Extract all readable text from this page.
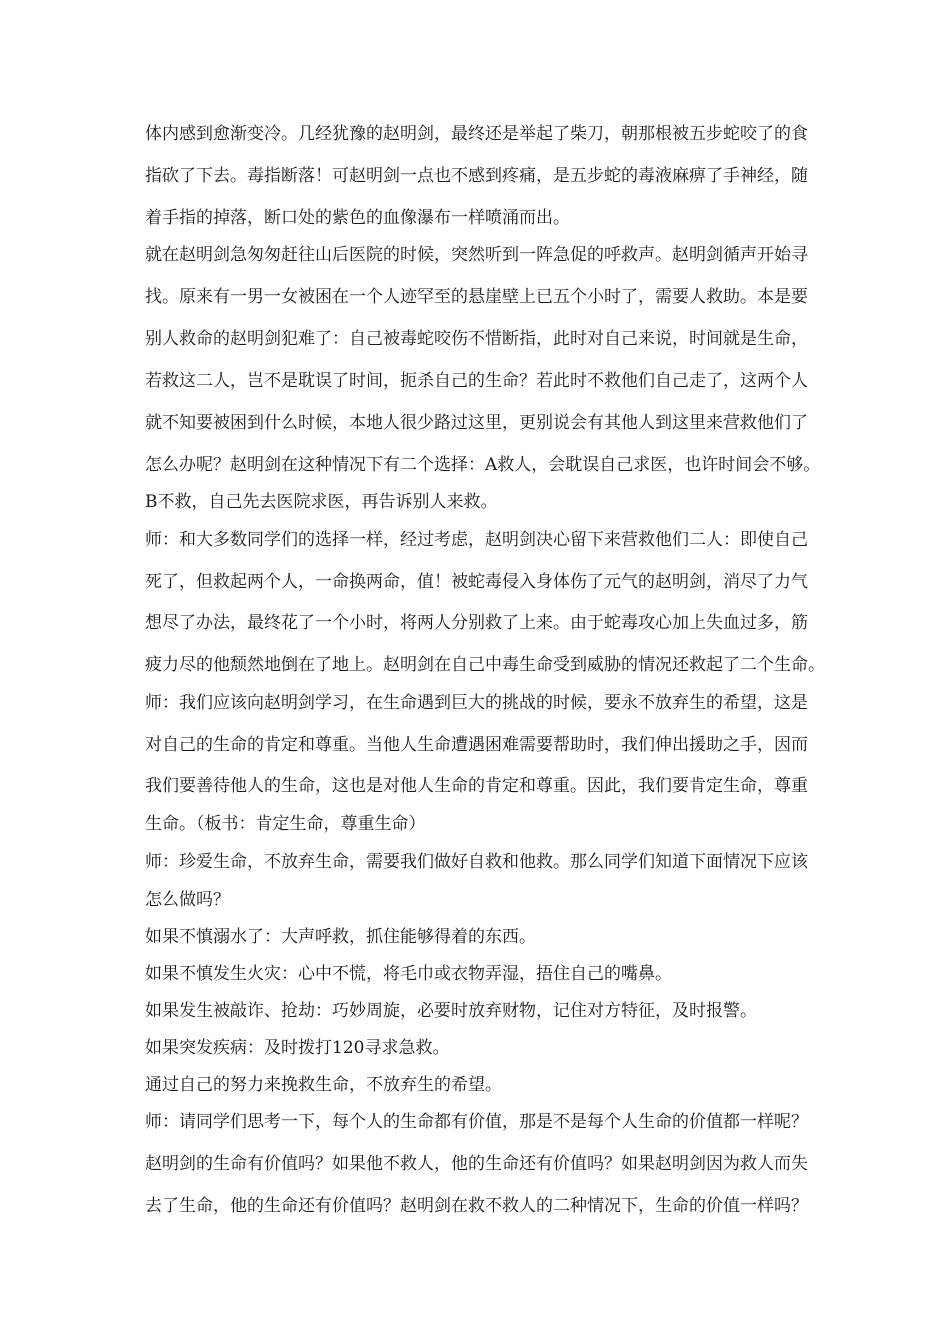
体内感到愈渐变冷。几经犹豫的赵明剑，最终还是举起了柴刀，朝那根被五步蛇咬了的食
指砍了下去。毒指断落！可赵明剑一点也不感到疼痛，是五步蛇的毒液麻痹了手神经，随
着手指的掉落，断口处的紫色的血像瀑布一样喷涌而出。
就在赵明剑急匆匆赶往山后医院的时候，突然听到一阵急促的呼救声。赵明剑循声开始寻
找。原来有一男一女被困在一个人迹罕至的悬崖壁上已五个小时了，需要人救助。本是要
别人救命的赵明剑犯难了：自己被毒蛇咬伤不惜断指，此时对自己来说，时间就是生命，
若救这二人，岂不是耽误了时间，扼杀自己的生命？若此时不救他们自己走了，这两个人
就不知要被困到什么时候，本地人很少路过这里，更别说会有其他人到这里来营救他们了
怎么办呢？赵明剑在这种情况下有二个选择：A救人，会耽误自己求医，也许时间会不够。
B不救，自己先去医院求医，再告诉别人来救。
师：和大多数同学们的选择一样，经过考虑，赵明剑决心留下来营救他们二人：即使自己
死了，但救起两个人，一命换两命，值！被蛇毒侵入身体伤了元气的赵明剑，消尽了力气
想尽了办法，最终花了一个小时，将两人分别救了上来。由于蛇毒攻心加上失血过多，筋
疲力尽的他颓然地倒在了地上。赵明剑在自己中毒生命受到威胁的情况还救起了二个生命。
师：我们应该向赵明剑学习，在生命遇到巨大的挑战的时候，要永不放弃生的希望，这是
对自己的生命的肯定和尊重。当他人生命遭遇困难需要帮助时，我们伸出援助之手，因而
我们要善待他人的生命，这也是对他人生命的肯定和尊重。因此，我们要肯定生命，尊重
生命。（板书：肯定生命，尊重生命）
师：珍爱生命，不放弃生命，需要我们做好自救和他救。那么同学们知道下面情况下应该
怎么做吗？
如果不慎溺水了：大声呼救，抓住能够得着的东西。
如果不慎发生火灾：心中不慌，将毛巾或衣物弄湿，捂住自己的嘴鼻。
如果发生被敲诈、抢劫：巧妙周旋，必要时放弃财物，记住对方特征，及时报警。
如果突发疾病：及时拨打120寻求急救。
通过自己的努力来挽救生命，不放弃生的希望。
师：请同学们思考一下，每个人的生命都有价值，那是不是每个人生命的价值都一样呢？
赵明剑的生命有价值吗？如果他不救人，他的生命还有价值吗？如果赵明剑因为救人而失
去了生命，他的生命还有价值吗？赵明剑在救不救人的二种情况下，生命的价值一样吗？
